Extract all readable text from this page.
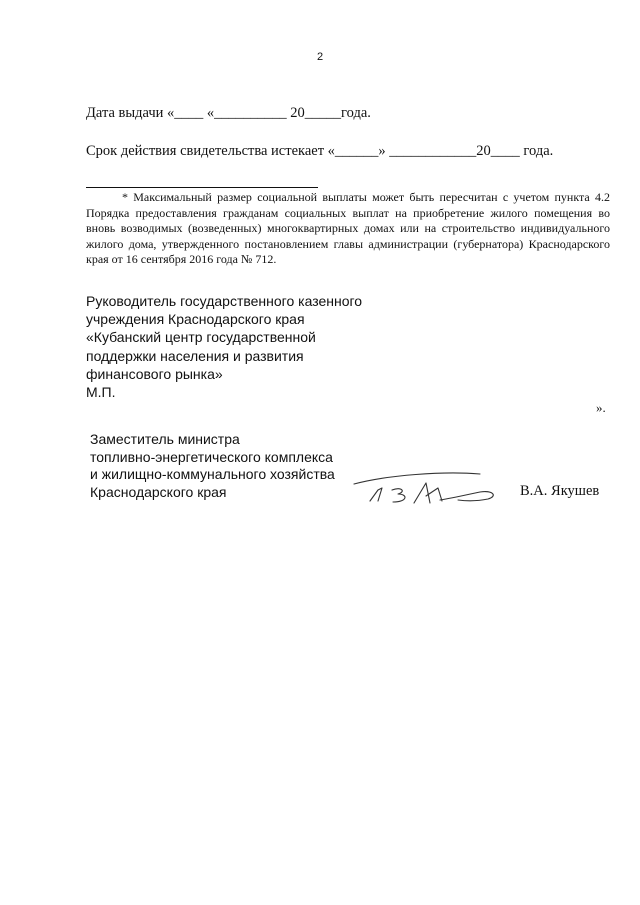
2
Дата выдачи «____ «__________ 20_____года.
Срок действия свидетельства истекает «______» ____________20____ года.
* Максимальный размер социальной выплаты может быть пересчитан с учетом пункта 4.2 Порядка предоставления гражданам социальных выплат на приобретение жилого помещения во вновь возводимых (возведенных) многоквартирных домах или на строительство индивидуального жилого дома, утвержденного постановлением главы администрации (губернатора) Краснодарского края от 16 сентября 2016 года № 712.
Руководитель государственного казенного
учреждения Краснодарского края
«Кубанский центр государственной
поддержки населения и развития
финансового рынка»
М.П.
».
Заместитель министра
топливно-энергетического комплекса
и жилищно-коммунального хозяйства
Краснодарского края	В.А. Якушев
